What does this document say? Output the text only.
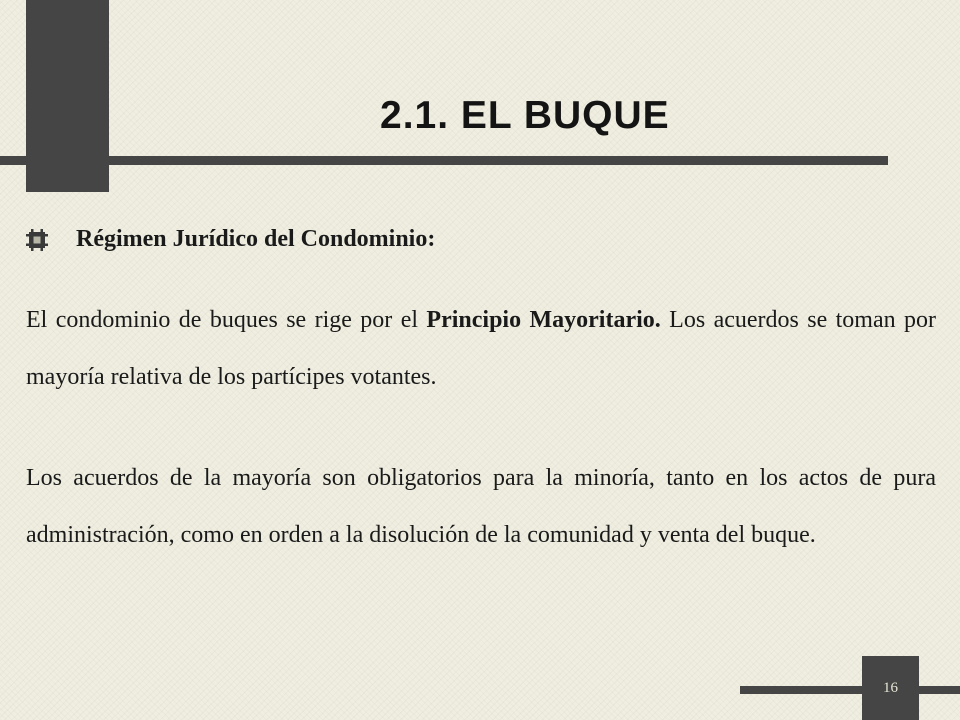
2.1. EL BUQUE
Régimen Jurídico del Condominio:

El condominio de buques se rige por el Principio Mayoritario. Los acuerdos se toman por mayoría relativa de los partícipes votantes.

Los acuerdos de la mayoría son obligatorios para la minoría, tanto en los actos de pura administración, como en orden a la disolución de la comunidad y venta del buque.

16
